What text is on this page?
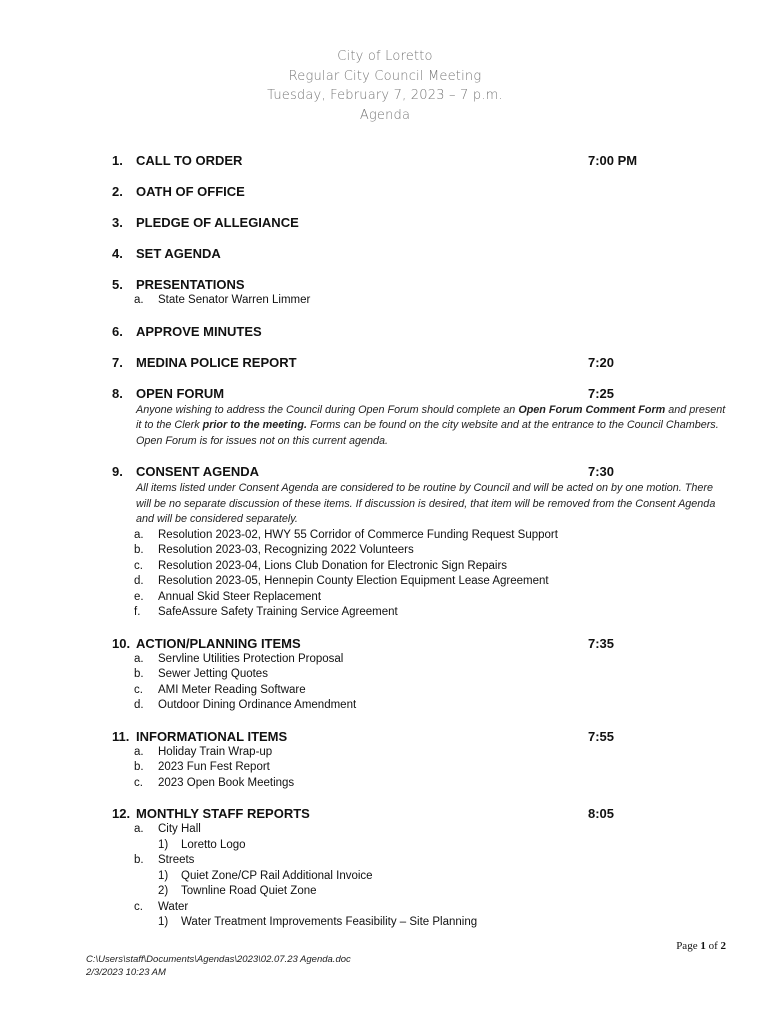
City of Loretto
Regular City Council Meeting
Tuesday, February 7, 2023 – 7 p.m.
Agenda
1. CALL TO ORDER	7:00 PM
2. OATH OF OFFICE
3. PLEDGE OF ALLEGIANCE
4. SET AGENDA
5. PRESENTATIONS
a. State Senator Warren Limmer
6. APPROVE MINUTES
7. MEDINA POLICE REPORT	7:20
8. OPEN FORUM	7:25
Anyone wishing to address the Council during Open Forum should complete an Open Forum Comment Form and present it to the Clerk prior to the meeting. Forms can be found on the city website and at the entrance to the Council Chambers. Open Forum is for issues not on this current agenda.
9. CONSENT AGENDA	7:30
All items listed under Consent Agenda are considered to be routine by Council and will be acted on by one motion. There will be no separate discussion of these items. If discussion is desired, that item will be removed from the Consent Agenda and will be considered separately.
a. Resolution 2023-02, HWY 55 Corridor of Commerce Funding Request Support
b. Resolution 2023-03, Recognizing 2022 Volunteers
c. Resolution 2023-04, Lions Club Donation for Electronic Sign Repairs
d. Resolution 2023-05, Hennepin County Election Equipment Lease Agreement
e. Annual Skid Steer Replacement
f. SafeAssure Safety Training Service Agreement
10. ACTION/PLANNING ITEMS	7:35
a. Servline Utilities Protection Proposal
b. Sewer Jetting Quotes
c. AMI Meter Reading Software
d. Outdoor Dining Ordinance Amendment
11. INFORMATIONAL ITEMS	7:55
a. Holiday Train Wrap-up
b. 2023 Fun Fest Report
c. 2023 Open Book Meetings
12. MONTHLY STAFF REPORTS	8:05
a. City Hall
1) Loretto Logo
b. Streets
1) Quiet Zone/CP Rail Additional Invoice
2) Townline Road Quiet Zone
c. Water
1) Water Treatment Improvements Feasibility – Site Planning
Page 1 of 2
C:\Users\staff\Documents\Agendas\2023\02.07.23 Agenda.doc
2/3/2023 10:23 AM
